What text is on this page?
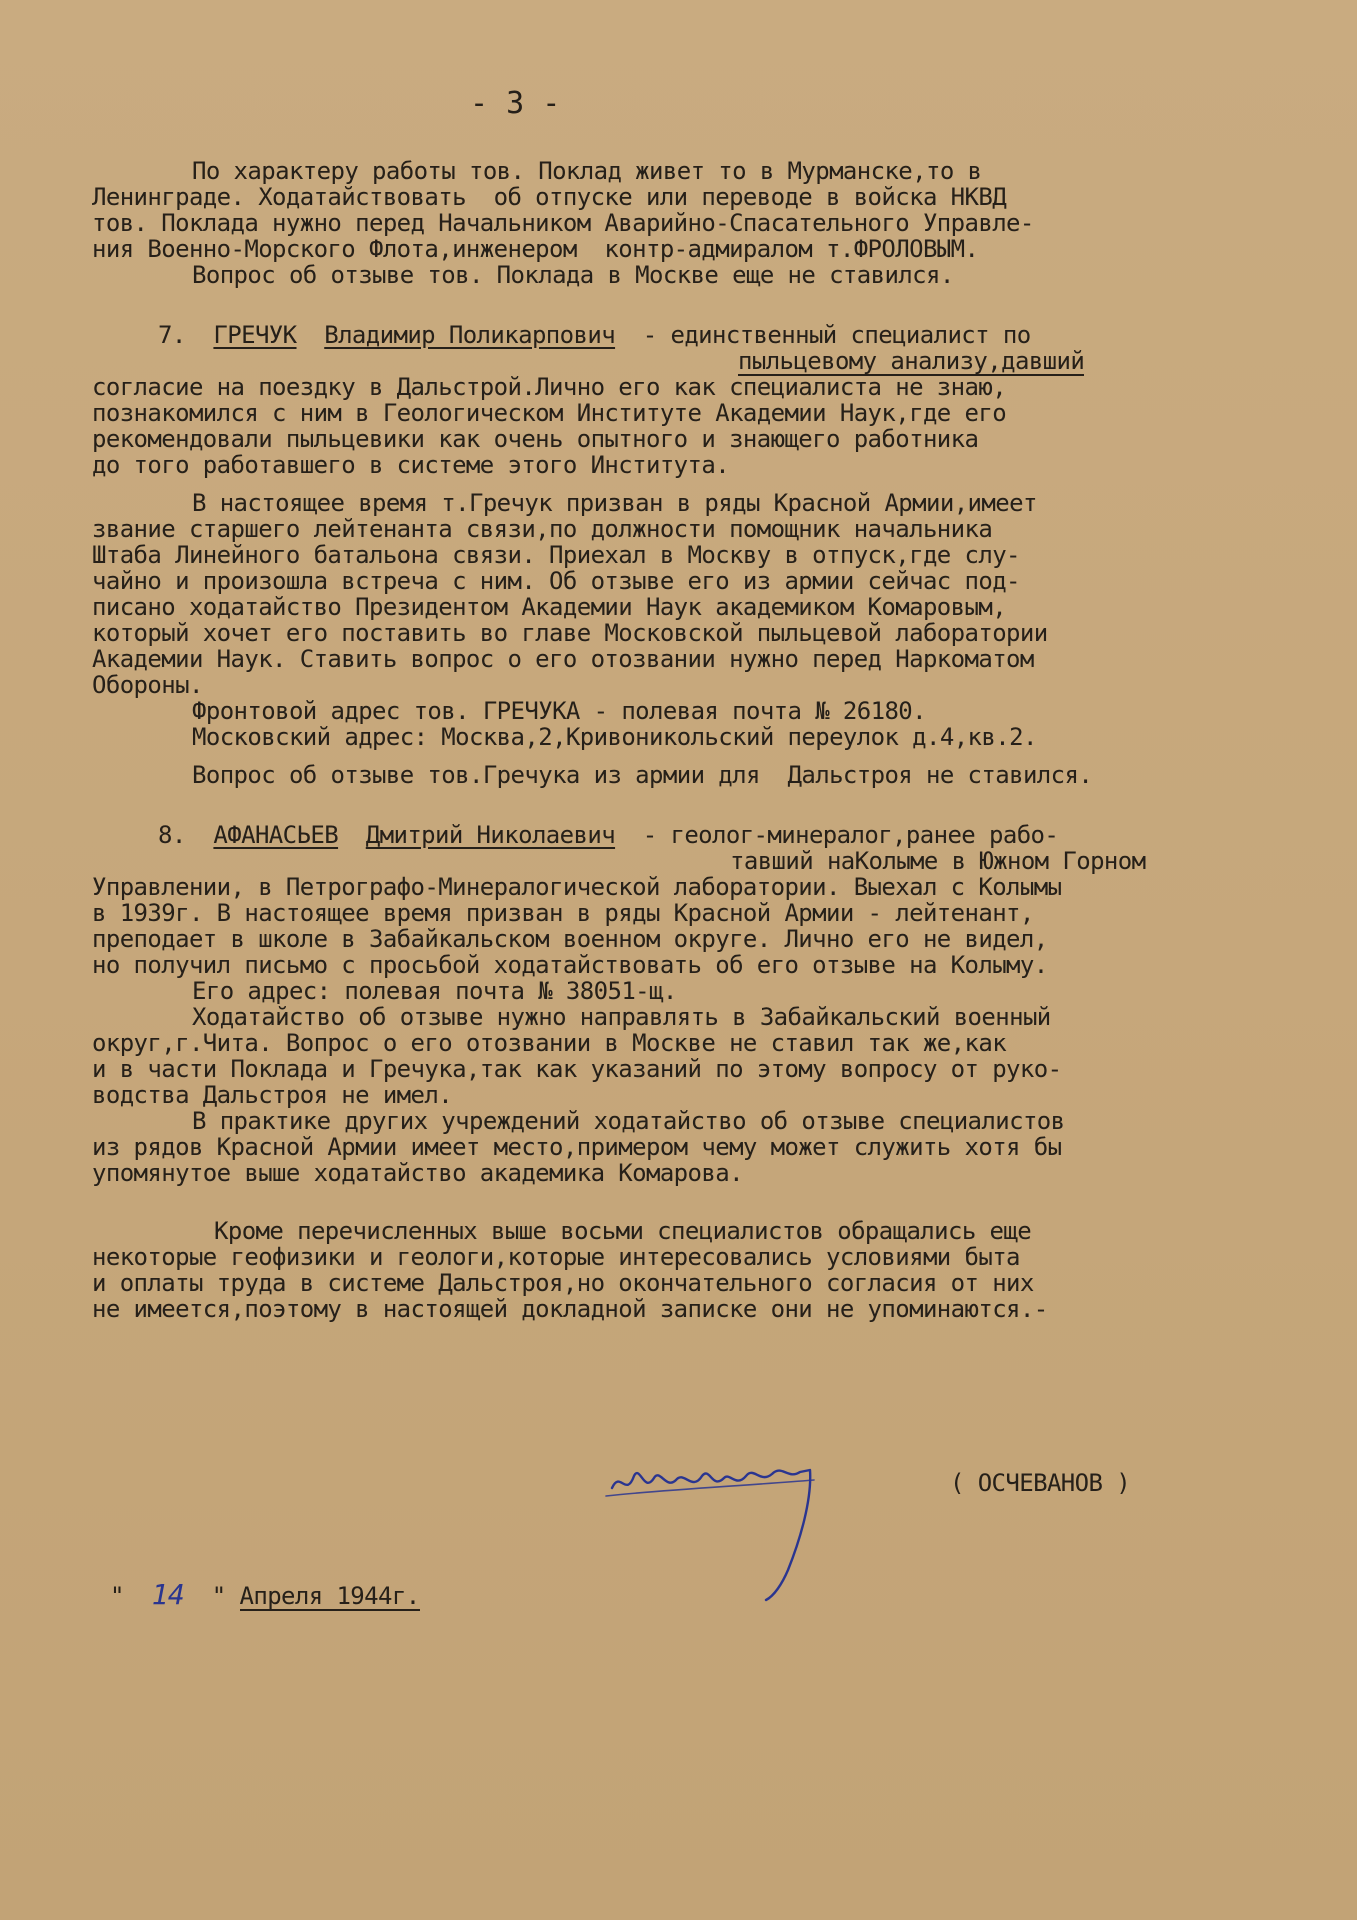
- 3 -
По характеру работы тов. Поклад живет то в Мурманске,то в
Ленинграде. Ходатайствовать  об отпуске или переводе в войска НКВД
тов. Поклада нужно перед Начальником Аварийно-Спасательного Управле-
ния Военно-Морского Флота,инженером  контр-адмиралом т.ФРОЛОВЫМ.
Вопрос об отзыве тов. Поклада в Москве еще не ставился.
7. ГРЕЧУК Владимир Поликарпович - единственный специалист по
пыльцевому анализу,давший
согласие на поездку в Дальстрой.Лично его как специалиста не знаю,
познакомился с ним в Геологическом Институте Академии Наук,где его
рекомендовали пыльцевики как очень опытного и знающего работника
до того работавшего в системе этого Института.
В настоящее время т.Гречук призван в ряды Красной Армии,имеет
звание старшего лейтенанта связи,по должности помощник начальника
Штаба Линейного батальона связи. Приехал в Москву в отпуск,где слу-
чайно и произошла встреча с ним. Об отзыве его из армии сейчас под-
писано ходатайство Президентом Академии Наук академиком Комаровым,
который хочет его поставить во главе Московской пыльцевой лаборатории
Академии Наук. Ставить вопрос о его отозвании нужно перед Наркоматом
Обороны.
Фронтовой адрес тов. ГРЕЧУКА - полевая почта № 26180.
Московский адрес: Москва,2,Кривоникольский переулок д.4,кв.2.
Вопрос об отзыве тов.Гречука из армии для  Дальстроя не ставился.
8. АФАНАСЬЕВ Дмитрий Николаевич - геолог-минералог,ранее рабо-
тавший наКолыме в Южном Горном
Управлении, в Петрографо-Минералогической лаборатории. Выехал с Колымы
в 1939г. В настоящее время призван в ряды Красной Армии - лейтенант,
преподает в школе в Забайкальском военном округе. Лично его не видел,
но получил письмо с просьбой ходатайствовать об его отзыве на Колыму.
Его адрес: полевая почта № 38051-щ.
Ходатайство об отзыве нужно направлять в Забайкальский военный
округ,г.Чита. Вопрос о его отозвании в Москве не ставил так же,как
и в части Поклада и Гречука,так как указаний по этому вопросу от руко-
водства Дальстроя не имел.
В практике других учреждений ходатайство об отзыве специалистов
из рядов Красной Армии имеет место,примером чему может служить хотя бы
упомянутое выше ходатайство академика Комарова.
Кроме перечисленных выше восьми специалистов обращались еще
некоторые геофизики и геологи,которые интересовались условиями быта
и оплаты труда в системе Дальстроя,но окончательного согласия от них
не имеется,поэтому в настоящей докладной записке они не упоминаются.-
( ОСЧЕВАНОВ )
" 14 " Апреля 1944г.
